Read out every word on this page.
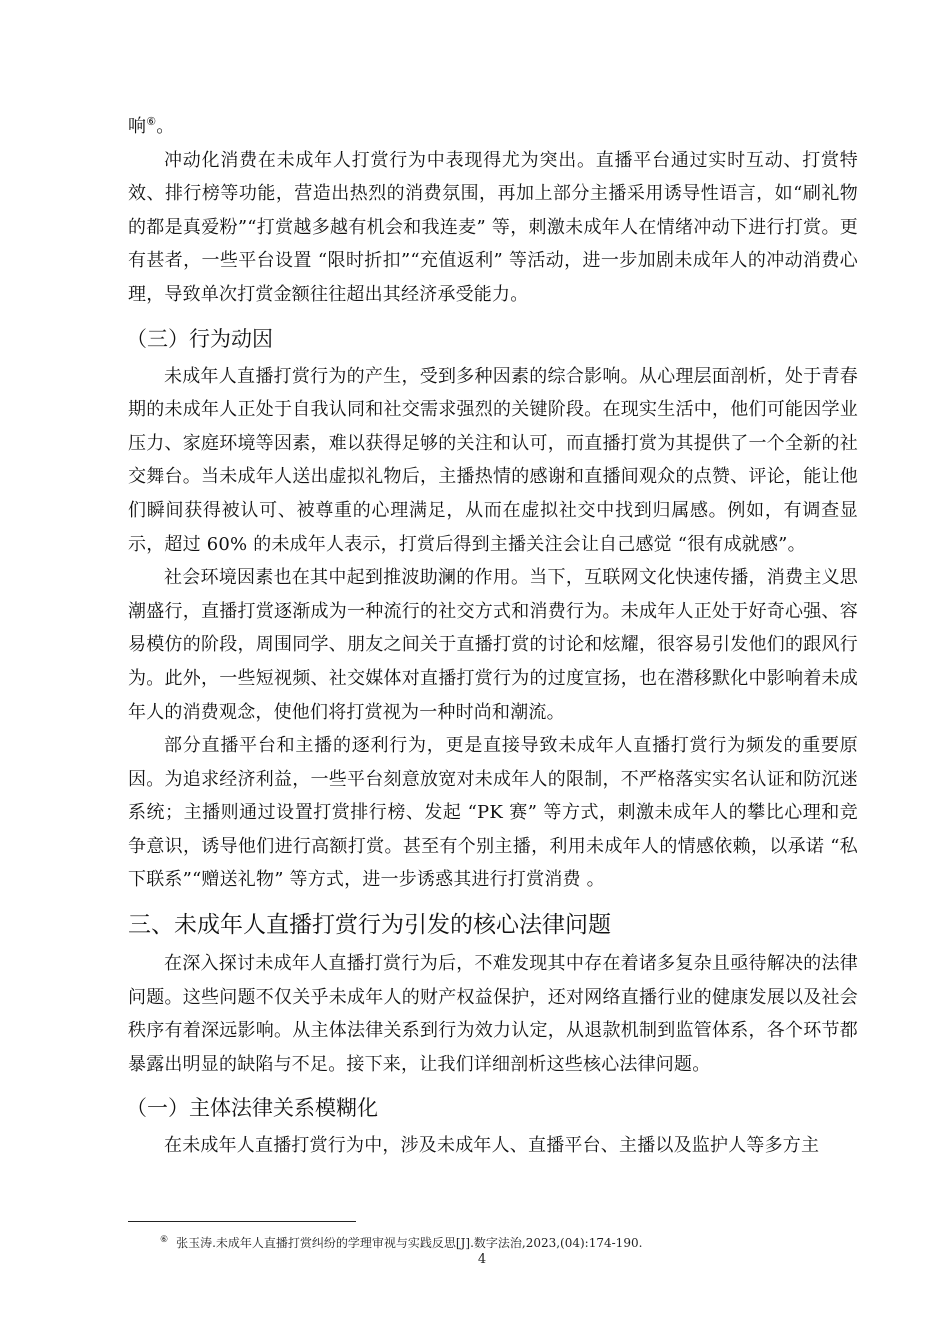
响⑥。

冲动化消费在未成年人打赏行为中表现得尤为突出。直播平台通过实时互动、打赏特效、排行榜等功能，营造出热烈的消费氛围，再加上部分主播采用诱导性语言，如“刷礼物的都是真爱粉”“打赏越多越有机会和我连麦” 等，刺激未成年人在情绪冲动下进行打赏。更有甚者，一些平台设置 “限时折扣”“充值返利” 等活动，进一步加剧未成年人的冲动消费心理，导致单次打赏金额往往超出其经济承受能力。

（三）行为动因

未成年人直播打赏行为的产生，受到多种因素的综合影响。从心理层面剖析，处于青春期的未成年人正处于自我认同和社交需求强烈的关键阶段。在现实生活中，他们可能因学业压力、家庭环境等因素，难以获得足够的关注和认可，而直播打赏为其提供了一个全新的社交舞台。当未成年人送出虚拟礼物后，主播热情的感谢和直播间观众的点赞、评论，能让他们瞬间获得被认可、被尊重的心理满足，从而在虚拟社交中找到归属感。例如，有调查显示，超过 60% 的未成年人表示，打赏后得到主播关注会让自己感觉 “很有成就感”。

社会环境因素也在其中起到推波助澜的作用。当下，互联网文化快速传播，消费主义思潮盛行，直播打赏逐渐成为一种流行的社交方式和消费行为。未成年人正处于好奇心强、容易模仿的阶段，周围同学、朋友之间关于直播打赏的讨论和炫耀，很容易引发他们的跟风行为。此外，一些短视频、社交媒体对直播打赏行为的过度宣扬，也在潜移默化中影响着未成年人的消费观念，使他们将打赏视为一种时尚和潮流。

部分直播平台和主播的逐利行为，更是直接导致未成年人直播打赏行为频发的重要原因。为追求经济利益，一些平台刻意放宽对未成年人的限制，不严格落实实名认证和防沉迷系统；主播则通过设置打赏排行榜、发起 “PK 赛” 等方式，刺激未成年人的攀比心理和竞争意识，诱导他们进行高额打赏。甚至有个别主播，利用未成年人的情感依赖，以承诺 “私下联系”“赠送礼物” 等方式，进一步诱惑其进行打赏消费 。

三、未成年人直播打赏行为引发的核心法律问题

在深入探讨未成年人直播打赏行为后，不难发现其中存在着诸多复杂且亟待解决的法律问题。这些问题不仅关乎未成年人的财产权益保护，还对网络直播行业的健康发展以及社会秩序有着深远影响。从主体法律关系到行为效力认定，从退款机制到监管体系，各个环节都暴露出明显的缺陷与不足。接下来，让我们详细剖析这些核心法律问题。

（一）主体法律关系模糊化

在未成年人直播打赏行为中，涉及未成年人、直播平台、主播以及监护人等多方主

⑥ 张玉涛.未成年人直播打赏纠纷的学理审视与实践反思[J].数字法治,2023,(04):174-190.
4
